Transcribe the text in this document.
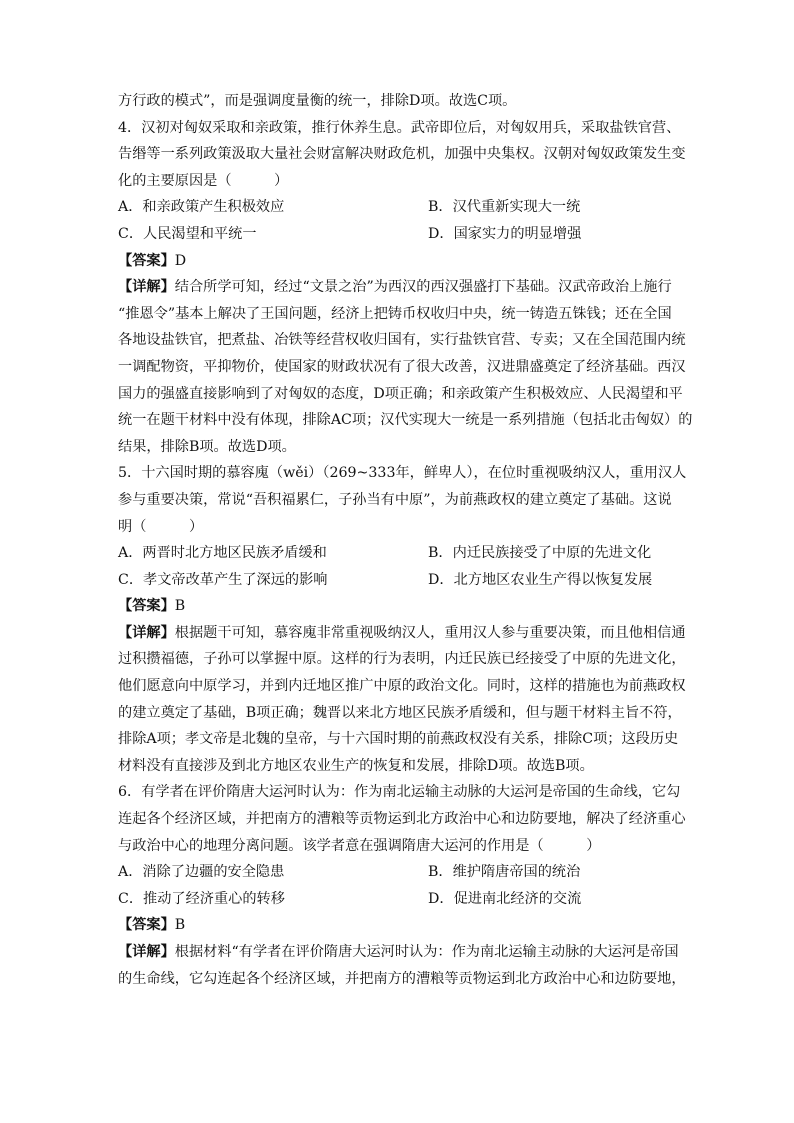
方行政的模式”，而是强调度量衡的统一，排除D项。故选C项。
4．汉初对匈奴采取和亲政策，推行休养生息。武帝即位后，对匈奴用兵，采取盐铁官营、
告缗等一系列政策汲取大量社会财富解决财政危机，加强中央集权。汉朝对匈奴政策发生变
化的主要原因是（　　　）
A．和亲政策产生积极效应	B．汉代重新实现大一统
C．人民渴望和平统一	D．国家实力的明显增强
【答案】D
【详解】结合所学可知，经过“文景之治”为西汉的西汉强盛打下基础。汉武帝政治上施行
“推恩令”基本上解决了王国问题，经济上把铸币权收归中央，统一铸造五铢钱；还在全国
各地设盐铁官，把煮盐、冶铁等经营权收归国有，实行盐铁官营、专卖；又在全国范围内统
一调配物资，平抑物价，使国家的财政状况有了很大改善，汉进鼎盛奠定了经济基础。西汉
国力的强盛直接影响到了对匈奴的态度，D项正确；和亲政策产生积极效应、人民渴望和平
统一在题干材料中没有体现，排除AC项；汉代实现大一统是一系列措施（包括北击匈奴）的
结果，排除B项。故选D项。
5．十六国时期的慕容廆（wěi）（269~333年，鲜卑人），在位时重视吸纳汉人，重用汉人
参与重要决策，常说“吾积福累仁，子孙当有中原”，为前燕政权的建立奠定了基础。这说
明（　　　）
A．两晋时北方地区民族矛盾缓和	B．内迁民族接受了中原的先进文化
C．孝文帝改革产生了深远的影响	D．北方地区农业生产得以恢复发展
【答案】B
【详解】根据题干可知，慕容廆非常重视吸纳汉人，重用汉人参与重要决策，而且他相信通
过积攒福德，子孙可以掌握中原。这样的行为表明，内迁民族已经接受了中原的先进文化，
他们愿意向中原学习，并到内迁地区推广中原的政治文化。同时，这样的措施也为前燕政权
的建立奠定了基础，B项正确；魏晋以来北方地区民族矛盾缓和，但与题干材料主旨不符，
排除A项；孝文帝是北魏的皇帝，与十六国时期的前燕政权没有关系，排除C项；这段历史
材料没有直接涉及到北方地区农业生产的恢复和发展，排除D项。故选B项。
6．有学者在评价隋唐大运河时认为：作为南北运输主动脉的大运河是帝国的生命线，它勾
连起各个经济区域，并把南方的漕粮等贡物运到北方政治中心和边防要地，解决了经济重心
与政治中心的地理分离问题。该学者意在强调隋唐大运河的作用是（　　　）
A．消除了边疆的安全隐患	B．维护隋唐帝国的统治
C．推动了经济重心的转移	D．促进南北经济的交流
【答案】B
【详解】根据材料“有学者在评价隋唐大运河时认为：作为南北运输主动脉的大运河是帝国
的生命线，它勾连起各个经济区域，并把南方的漕粮等贡物运到北方政治中心和边防要地，
